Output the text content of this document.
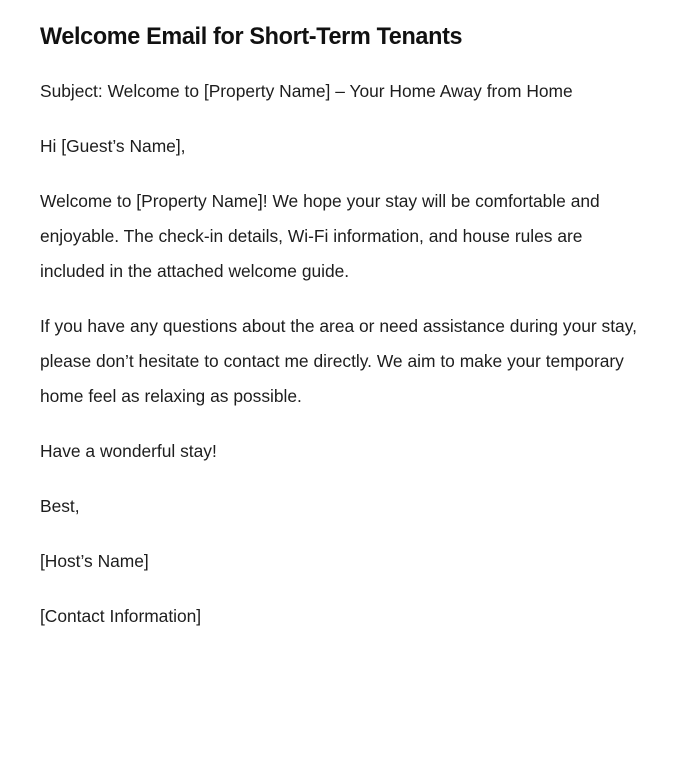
Welcome Email for Short-Term Tenants

Subject: Welcome to [Property Name] – Your Home Away from Home

Hi [Guest’s Name],

Welcome to [Property Name]! We hope your stay will be comfortable and enjoyable. The check-in details, Wi-Fi information, and house rules are included in the attached welcome guide.

If you have any questions about the area or need assistance during your stay, please don’t hesitate to contact me directly. We aim to make your temporary home feel as relaxing as possible.

Have a wonderful stay!

Best,

[Host’s Name]

[Contact Information]
